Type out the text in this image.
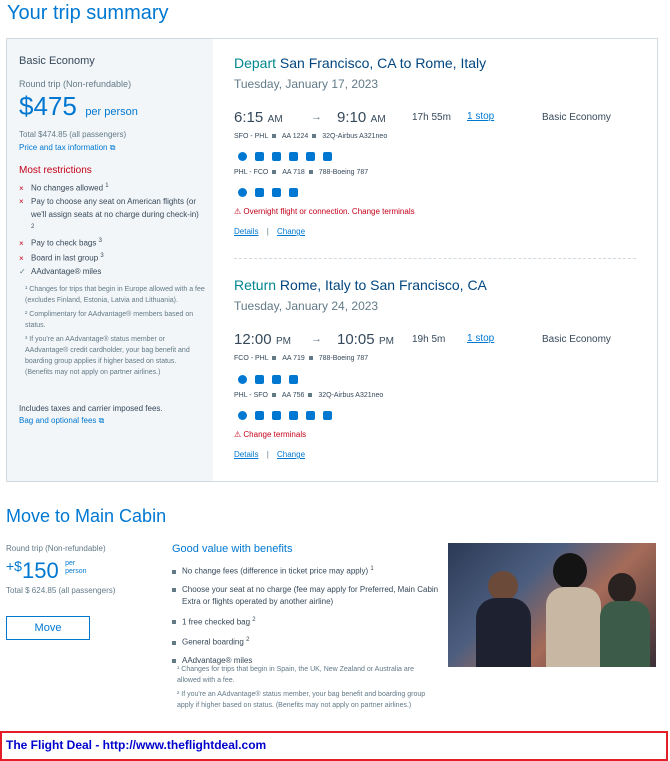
Your trip summary
Basic Economy
Round trip (Non-refundable)
$475 per person
Total $474.85 (all passengers)
Price and tax information ⧉
Most restrictions
× No changes allowed $^1$
× Pay to choose any seat on American flights (or we'll assign seats at no charge during check-in) $^2$
× Pay to check bags $^3$
× Board in last group $^3$
✓ AAdvantage® miles
¹ Changes for trips that begin in Europe allowed with a fee (excludes Finland, Estonia, Latvia and Lithuania).
² Complimentary for AAdvantage® members based on status.
³ If you're an AAdvantage® status member or AAdvantage® credit cardholder, your bag benefit and boarding group applies if higher based on status. (Benefits may not apply on partner airlines.)
Includes taxes and carrier imposed fees.
Bag and optional fees ⧉
Depart San Francisco, CA to Rome, Italy
Tuesday, January 17, 2023
6:15 AM	→ 9:10 AM	17h 55m 1 stop	Basic Economy
SFO - PHL AA 1224 32Q-Airbus A321neo
PHL - FCO AA 718 788-Boeing 787
⚠ Overnight flight or connection. Change terminals
Details | Change
Return Rome, Italy to San Francisco, CA
Tuesday, January 24, 2023
12:00 PM → 10:05 PM 19h 5m 1 stop	Basic Economy
FCO - PHL AA 719 788-Boeing 787
PHL - SFO AA 756 32Q-Airbus A321neo
⚠ Change terminals
Details | Change
Move to Main Cabin
Round trip (Non-refundable)
+$150 per
person
Total $ 624.85 (all passengers)
Move
Good value with benefits
No change fees (difference in ticket price may apply) $^1$
Choose your seat at no charge (fee may apply for Preferred, Main Cabin Extra or flights operated by another airline)
1 free checked bag $^2$
General boarding $^2$
AAdvantage® miles
¹ Changes for trips that begin in Spain, the UK, New Zealand or Australia are allowed with a fee.
² If you're an AAdvantage® status member, your bag benefit and boarding group apply if higher based on status. (Benefits may not apply on partner airlines.)
The Flight Deal - http://www.theflightdeal.com
